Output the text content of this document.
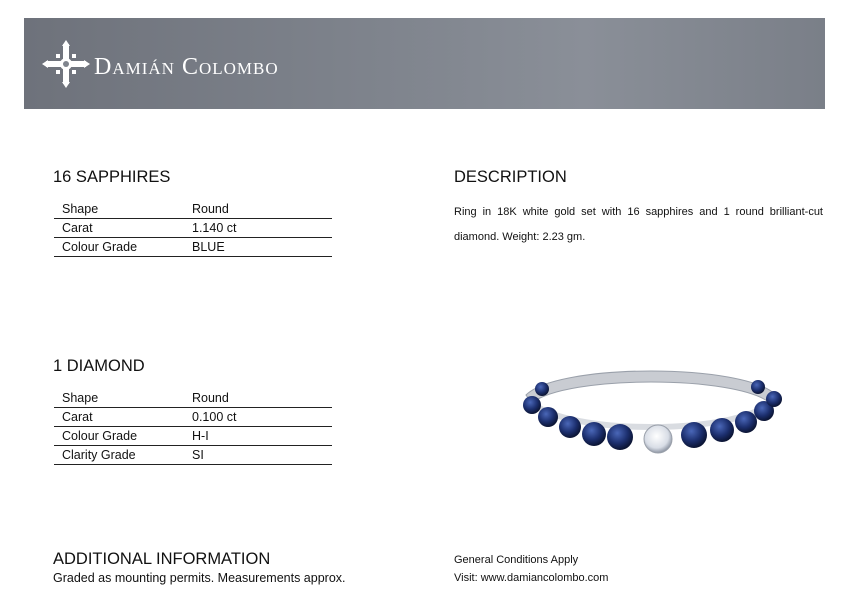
Damián Colombo
16 SAPPHIRES
Shape	Round
Carat	1.140 ct
Colour Grade	BLUE
1 DIAMOND
Shape	Round
Carat	0.100 ct
Colour Grade	H-I
Clarity Grade	SI
DESCRIPTION

Ring in 18K white gold set with 16 sapphires and 1 round brilliant-cut diamond. Weight: 2.23 gm.

ADDITIONAL INFORMATION
Graded as mounting permits. Measurements approx.
General Conditions Apply
Visit: www.damiancolombo.com
